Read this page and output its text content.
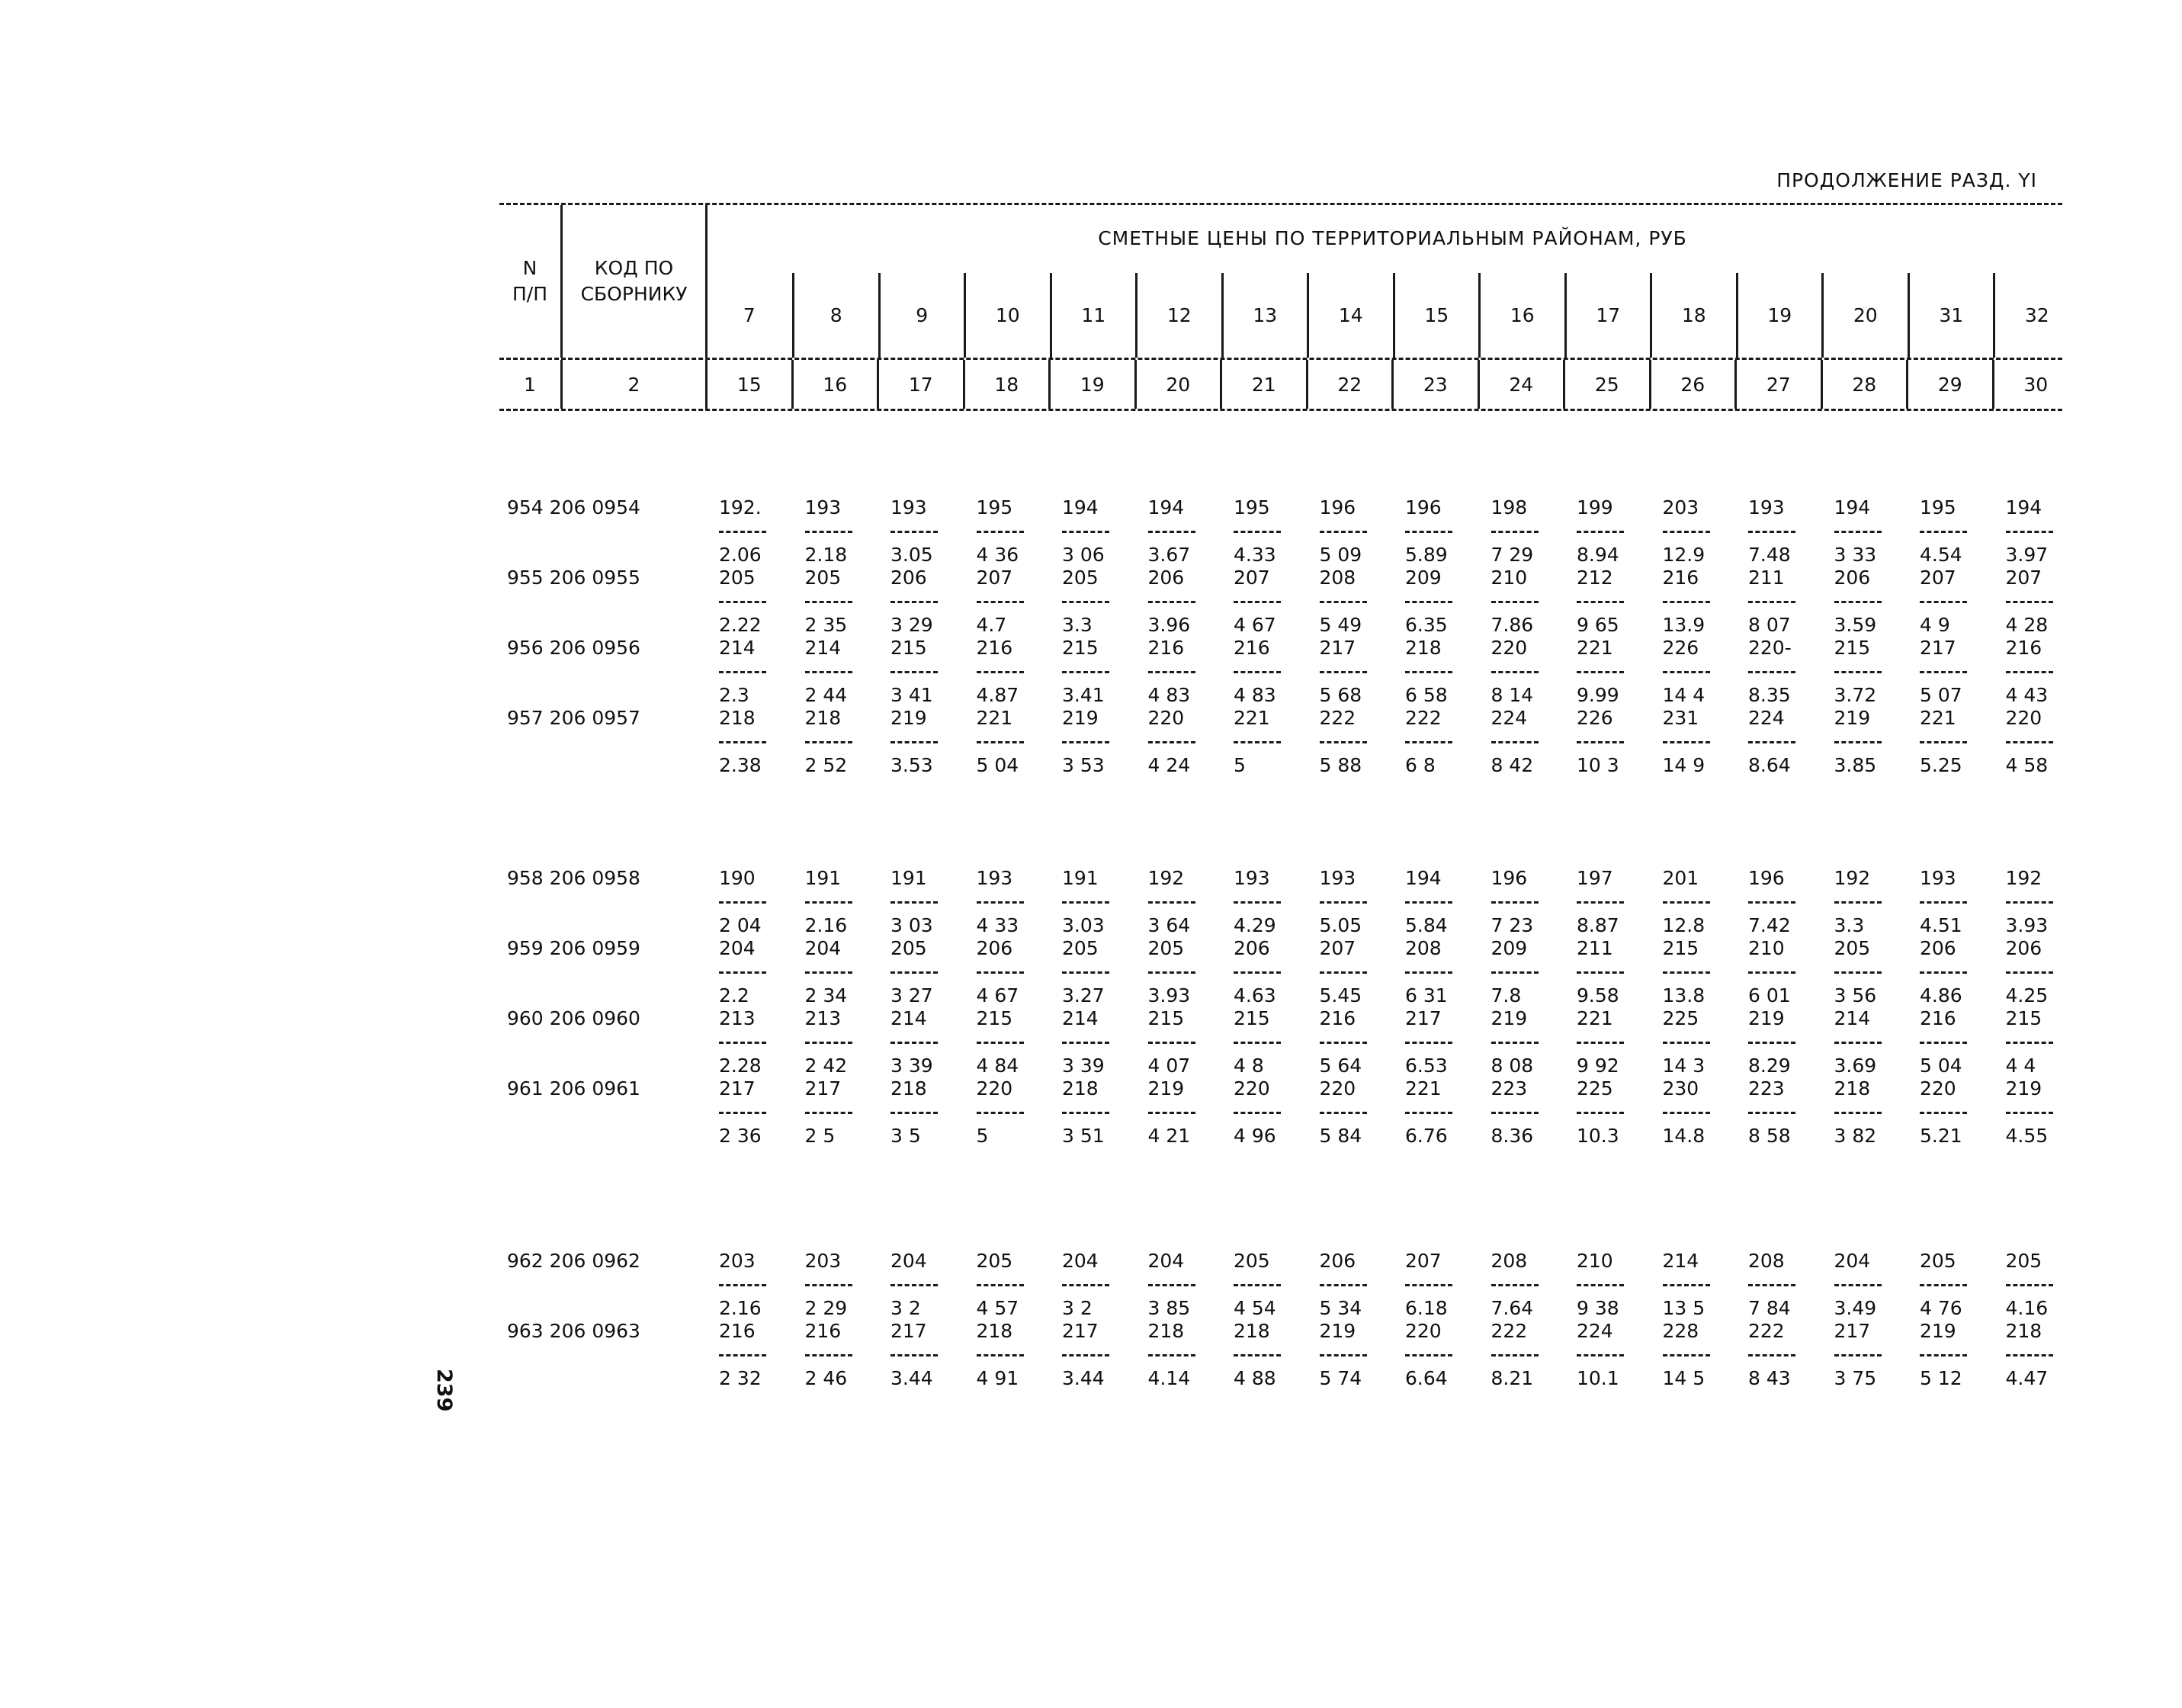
ПРОДОЛЖЕНИЕ РАЗД. YI
N
П/П
КОД ПО
СБОРНИКУ
СМЕТНЫЕ ЦЕНЫ ПО ТЕРРИТОРИАЛЬНЫМ РАЙОНАМ, РУБ
7	8	9	10	11	12	13	14	15	16	17	18	19	20	31	32
1	2	15	16	17	18	19	20	21	22	23	24	25	26	27	28	29	30
954 206 0954	192.	193	193	195	194	194	195	196	196	198	199	203	193	194	195	194
2.06	2.18	3.05	4 36	3 06	3.67	4.33	5 09	5.89	7 29	8.94	12.9	7.48	3 33	4.54	3.97
955 206 0955	205	205	206	207	205	206	207	208	209	210	212	216	211	206	207	207
2.22	2 35	3 29	4.7	3.3	3.96	4 67	5 49	6.35	7.86	9 65	13.9	8 07	3.59	4 9	4 28
956 206 0956	214	214	215	216	215	216	216	217	218	220	221	226	220-	215	217	216
2.3	2 44	3 41	4.87	3.41	4 83	4 83	5 68	6 58	8 14	9.99	14 4	8.35	3.72	5 07	4 43
957 206 0957	218	218	219	221	219	220	221	222	222	224	226	231	224	219	221	220
2.38	2 52	3.53	5 04	3 53	4 24	5	5 88	6 8	8 42	10 3	14 9	8.64	3.85	5.25	4 58
958 206 0958	190	191	191	193	191	192	193	193	194	196	197	201	196	192	193	192
2 04	2.16	3 03	4 33	3.03	3 64	4.29	5.05	5.84	7 23	8.87	12.8	7.42	3.3	4.51	3.93
959 206 0959	204	204	205	206	205	205	206	207	208	209	211	215	210	205	206	206
2.2	2 34	3 27	4 67	3.27	3.93	4.63	5.45	6 31	7.8	9.58	13.8	6 01	3 56	4.86	4.25
960 206 0960	213	213	214	215	214	215	215	216	217	219	221	225	219	214	216	215
2.28	2 42	3 39	4 84	3 39	4 07	4 8	5 64	6.53	8 08	9 92	14 3	8.29	3.69	5 04	4 4
961 206 0961	217	217	218	220	218	219	220	220	221	223	225	230	223	218	220	219
2 36	2 5	3 5	5	3 51	4 21	4 96	5 84	6.76	8.36	10.3	14.8	8 58	3 82	5.21	4.55
962 206 0962	203	203	204	205	204	204	205	206	207	208	210	214	208	204	205	205
2.16	2 29	3 2	4 57	3 2	3 85	4 54	5 34	6.18	7.64	9 38	13 5	7 84	3.49	4 76	4.16
963 206 0963	216	216	217	218	217	218	218	219	220	222	224	228	222	217	219	218
2 32	2 46	3.44	4 91	3.44	4.14	4 88	5 74	6.64	8.21	10.1	14 5	8 43	3 75	5 12	4.47
239
